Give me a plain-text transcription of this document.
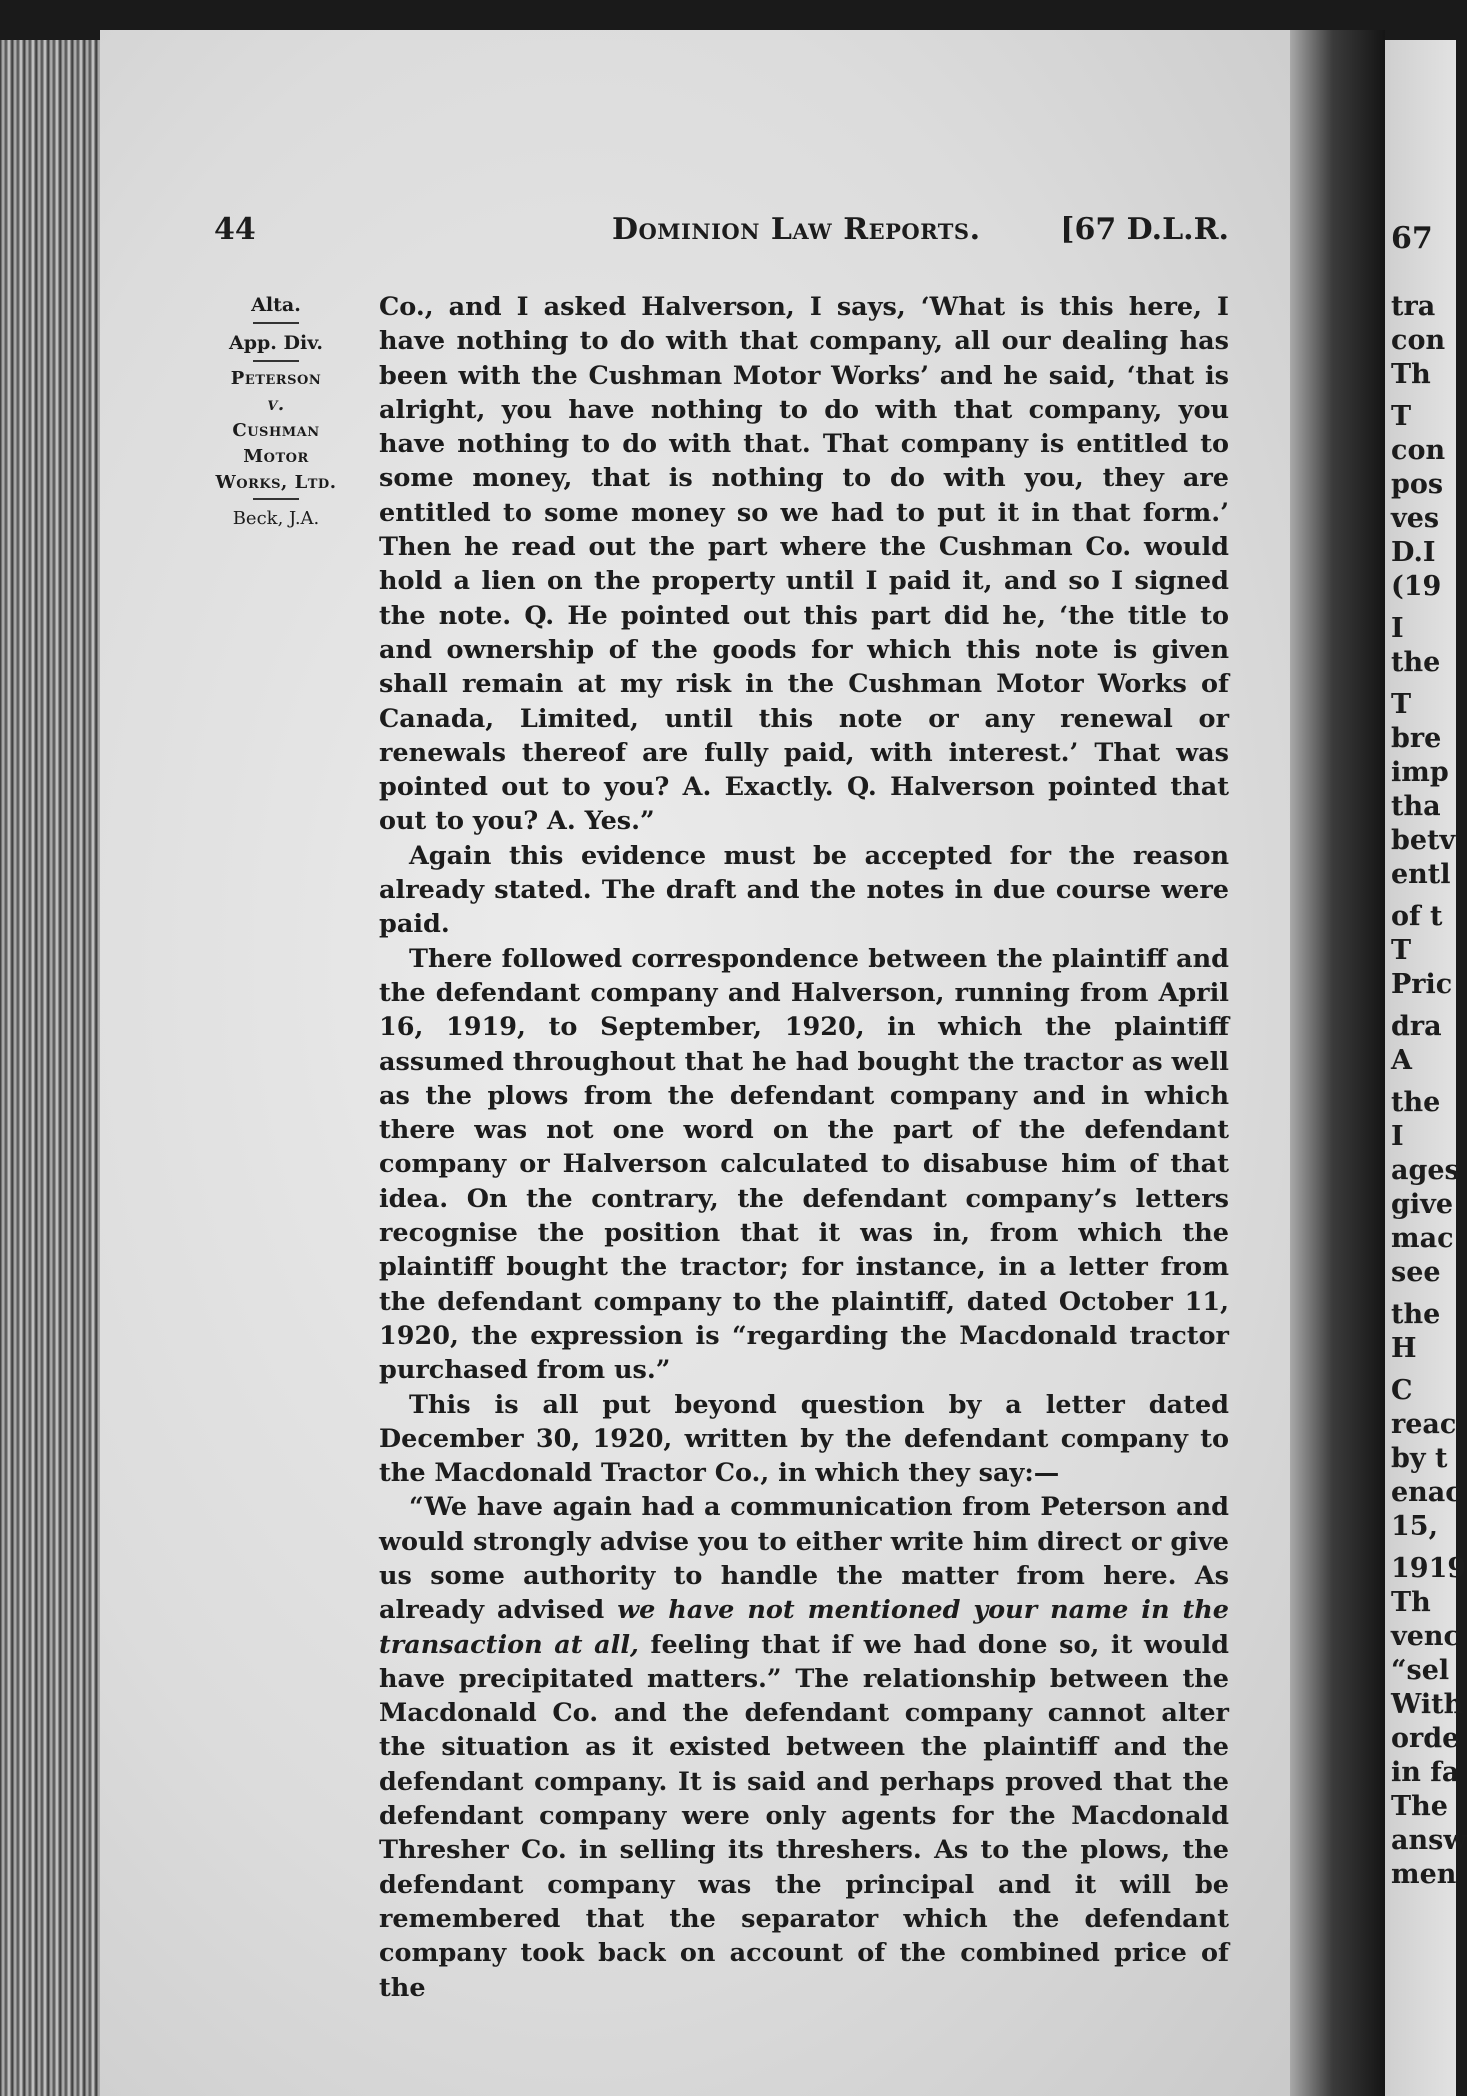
67
tra
con
Th
T
con
pos
ves
D.I
(19
I
the
T
bre
imp
tha
betv
entl
of t
T
Pric
dra
A
the
I
ages
give
mac
see
the
H
C
reac
by t
enac
15,
1919
Th
venc
“sel
With
orde
in fa
The
answ
men
44	Dominion Law Reports.	[67 D.L.R.
Alta.
App. Div.
Peterson
v.
Cushman
Motor
Works, Ltd.
Beck, J.A.

Co., and I asked Halverson, I says, ‘What is this here, I have nothing to do with that company, all our dealing has been with the Cushman Motor Works’ and he said, ‘that is alright, you have nothing to do with that company, you have nothing to do with that. That company is entitled to some money, that is nothing to do with you, they are entitled to some money so we had to put it in that form.’ Then he read out the part where the Cushman Co. would hold a lien on the property until I paid it, and so I signed the note. Q. He pointed out this part did he, ‘the title to and ownership of the goods for which this note is given shall remain at my risk in the Cushman Motor Works of Canada, Limited, until this note or any renewal or renewals thereof are fully paid, with interest.’ That was pointed out to you? A. Exactly. Q. Halverson pointed that out to you? A. Yes.”

Again this evidence must be accepted for the reason already stated. The draft and the notes in due course were paid.

There followed correspondence between the plaintiff and the defendant company and Halverson, running from April 16, 1919, to September, 1920, in which the plaintiff assumed throughout that he had bought the tractor as well as the plows from the defendant company and in which there was not one word on the part of the defendant company or Halverson calculated to disabuse him of that idea. On the contrary, the defendant company’s letters recognise the position that it was in, from which the plaintiff bought the tractor; for instance, in a letter from the defendant company to the plaintiff, dated October 11, 1920, the expression is “regarding the Macdonald tractor purchased from us.”

This is all put beyond question by a letter dated December 30, 1920, written by the defendant company to the Macdonald Tractor Co., in which they say:—

“We have again had a communication from Peterson and would strongly advise you to either write him direct or give us some authority to handle the matter from here. As already advised we have not mentioned your name in the transaction at all, feeling that if we had done so, it would have precipitated matters.” The relationship between the Macdonald Co. and the defendant company cannot alter the situation as it existed between the plaintiff and the defendant company. It is said and perhaps proved that the defendant company were only agents for the Macdonald Thresher Co. in selling its threshers. As to the plows, the defendant company was the principal and it will be remembered that the separator which the defendant company took back on account of the combined price of the
